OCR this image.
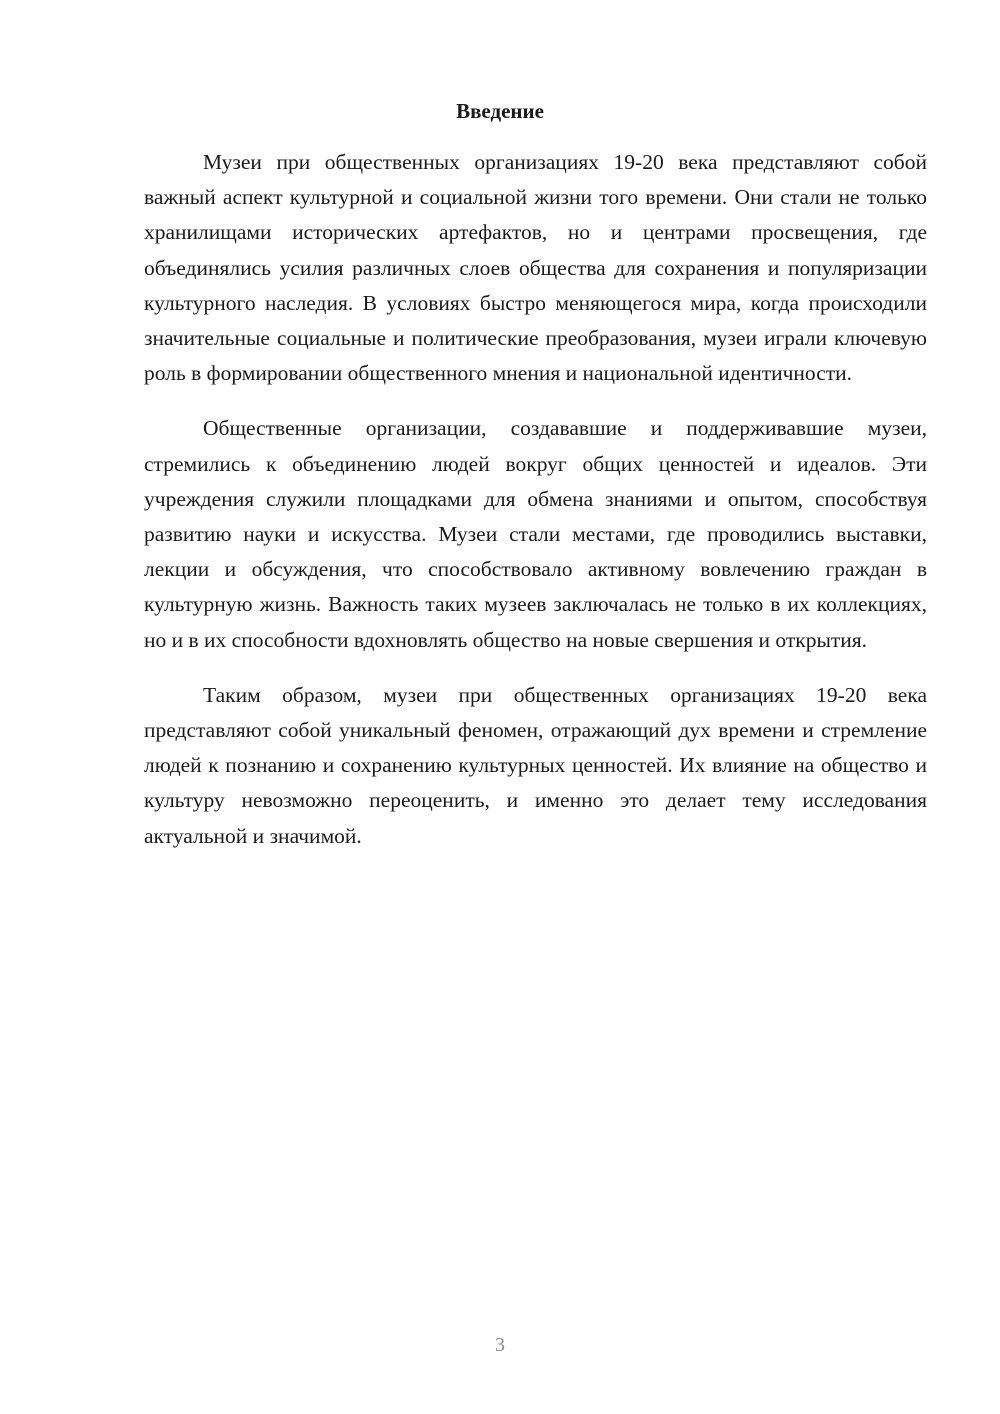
Введение

Музеи при общественных организациях 19-20 века представляют собой важный аспект культурной и социальной жизни того времени. Они стали не только хранилищами исторических артефактов, но и центрами просвещения, где объединялись усилия различных слоев общества для сохранения и популяризации культурного наследия. В условиях быстро меняющегося мира, когда происходили значительные социальные и политические преобразования, музеи играли ключевую роль в формировании общественного мнения и национальной идентичности.

Общественные организации, создававшие и поддерживавшие музеи, стремились к объединению людей вокруг общих ценностей и идеалов. Эти учреждения служили площадками для обмена знаниями и опытом, способствуя развитию науки и искусства. Музеи стали местами, где проводились выставки, лекции и обсуждения, что способствовало активному вовлечению граждан в культурную жизнь. Важность таких музеев заключалась не только в их коллекциях, но и в их способности вдохновлять общество на новые свершения и открытия.

Таким образом, музеи при общественных организациях 19-20 века представляют собой уникальный феномен, отражающий дух времени и стремление людей к познанию и сохранению культурных ценностей. Их влияние на общество и культуру невозможно переоценить, и именно это делает тему исследования актуальной и значимой.

3
